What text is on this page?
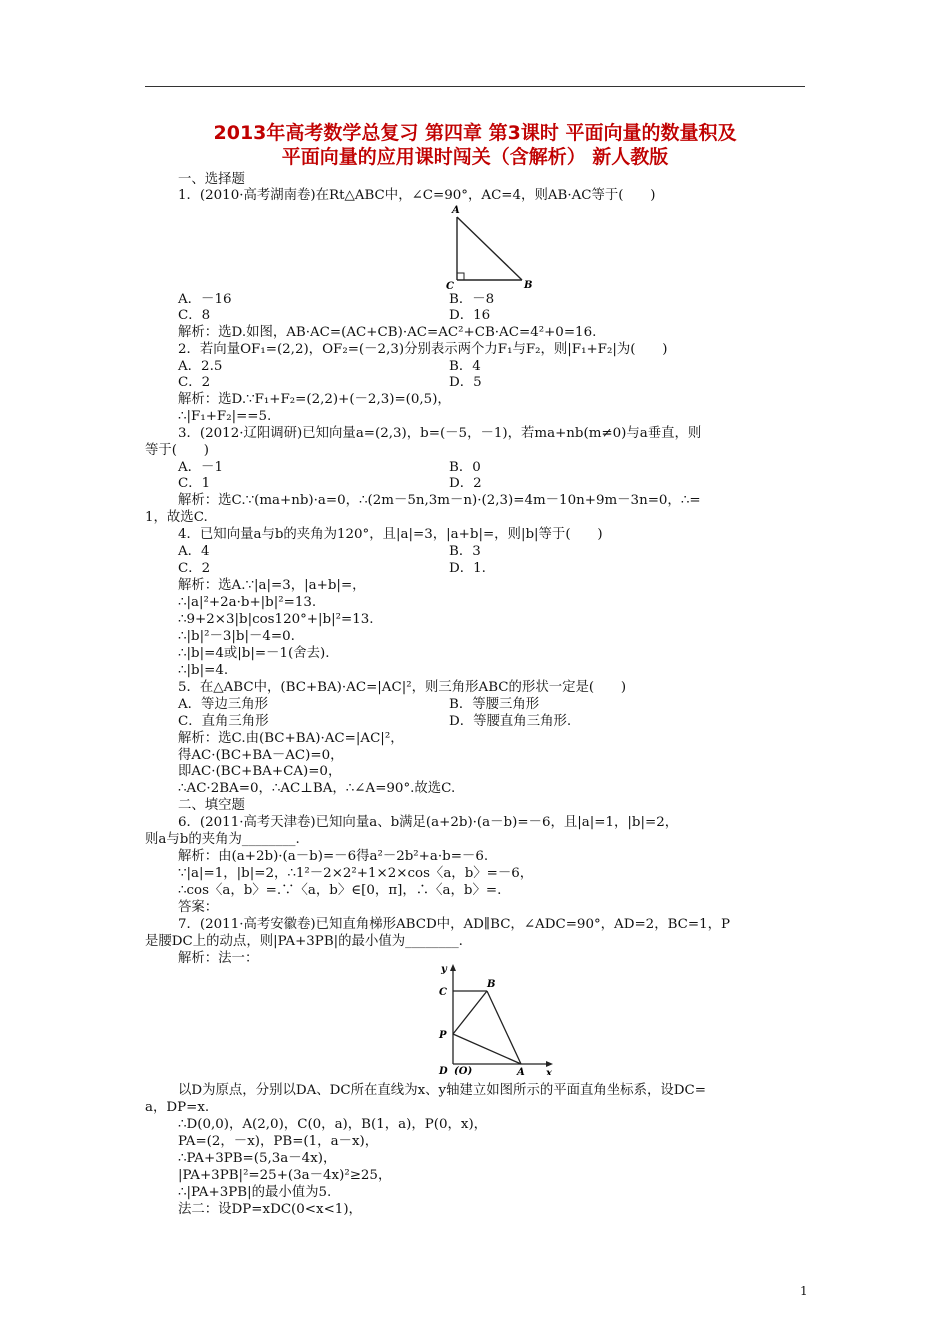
2013年高考数学总复习 第四章 第3课时 平面向量的数量积及
平面向量的应用课时闯关（含解析） 新人教版
一、选择题
1．(2010·高考湖南卷)在Rt△ABC中，∠C=90°，AC=4，则AB·AC等于(　　)
A
C	B
A．－16	B．－8
C．8	D．16
解析：选D.如图，AB·AC=(AC+CB)·AC=AC²+CB·AC=4²+0=16.
2．若向量OF₁=(2,2)，OF₂=(－2,3)分别表示两个力F₁与F₂，则|F₁+F₂|为(　　)
A．2.5	B．4
C．2	D．5
解析：选D.∵F₁+F₂=(2,2)+(－2,3)=(0,5)，
∴|F₁+F₂|==5.
3．(2012·辽阳调研)已知向量a=(2,3)，b=(－5，－1)，若ma+nb(m≠0)与a垂直，则
等于(　　)
A．－1	B．0
C．1	D．2
解析：选C.∵(ma+nb)·a=0，∴(2m－5n,3m－n)·(2,3)=4m－10n+9m－3n=0，∴=
1，故选C.
4．已知向量a与b的夹角为120°，且|a|=3，|a+b|=，则|b|等于(　　)
A．4	B．3
C．2	D．1.
解析：选A.∵|a|=3，|a+b|=，
∴|a|²+2a·b+|b|²=13.
∴9+2×3|b|cos120°+|b|²=13.
∴|b|²－3|b|－4=0.
∴|b|=4或|b|=－1(舍去).
∴|b|=4.
5．在△ABC中，(BC+BA)·AC=|AC|²，则三角形ABC的形状一定是(　　)
A．等边三角形	B．等腰三角形
C．直角三角形	D．等腰直角三角形.
解析：选C.由(BC+BA)·AC=|AC|²，
得AC·(BC+BA－AC)=0，
即AC·(BC+BA+CA)=0，
∴AC·2BA=0，∴AC⊥BA，∴∠A=90°.故选C.
二、填空题
6．(2011·高考天津卷)已知向量a、b满足(a+2b)·(a－b)=－6，且|a|=1，|b|=2，
则a与b的夹角为________.
解析：由(a+2b)·(a－b)=－6得a²－2b²+a·b=－6.
∵|a|=1，|b|=2，∴1²－2×2²+1×2×cos〈a，b〉=－6，
∴cos〈a，b〉=.∵〈a，b〉∈[0，π]，∴〈a，b〉=.
答案：
7．(2011·高考安徽卷)已知直角梯形ABCD中，AD∥BC，∠ADC=90°，AD=2，BC=1，P
是腰DC上的动点，则|PA+3PB|的最小值为________.
解析：法一：
y
x
C
B
P
D (O)	A
以D为原点，分别以DA、DC所在直线为x、y轴建立如图所示的平面直角坐标系，设DC=
a，DP=x.
∴D(0,0)，A(2,0)，C(0，a)，B(1，a)，P(0，x)，
PA=(2，－x)，PB=(1，a－x)，
∴PA+3PB=(5,3a－4x)，
|PA+3PB|²=25+(3a－4x)²≥25，
∴|PA+3PB|的最小值为5.
法二：设DP=xDC(0<x<1)，
1
